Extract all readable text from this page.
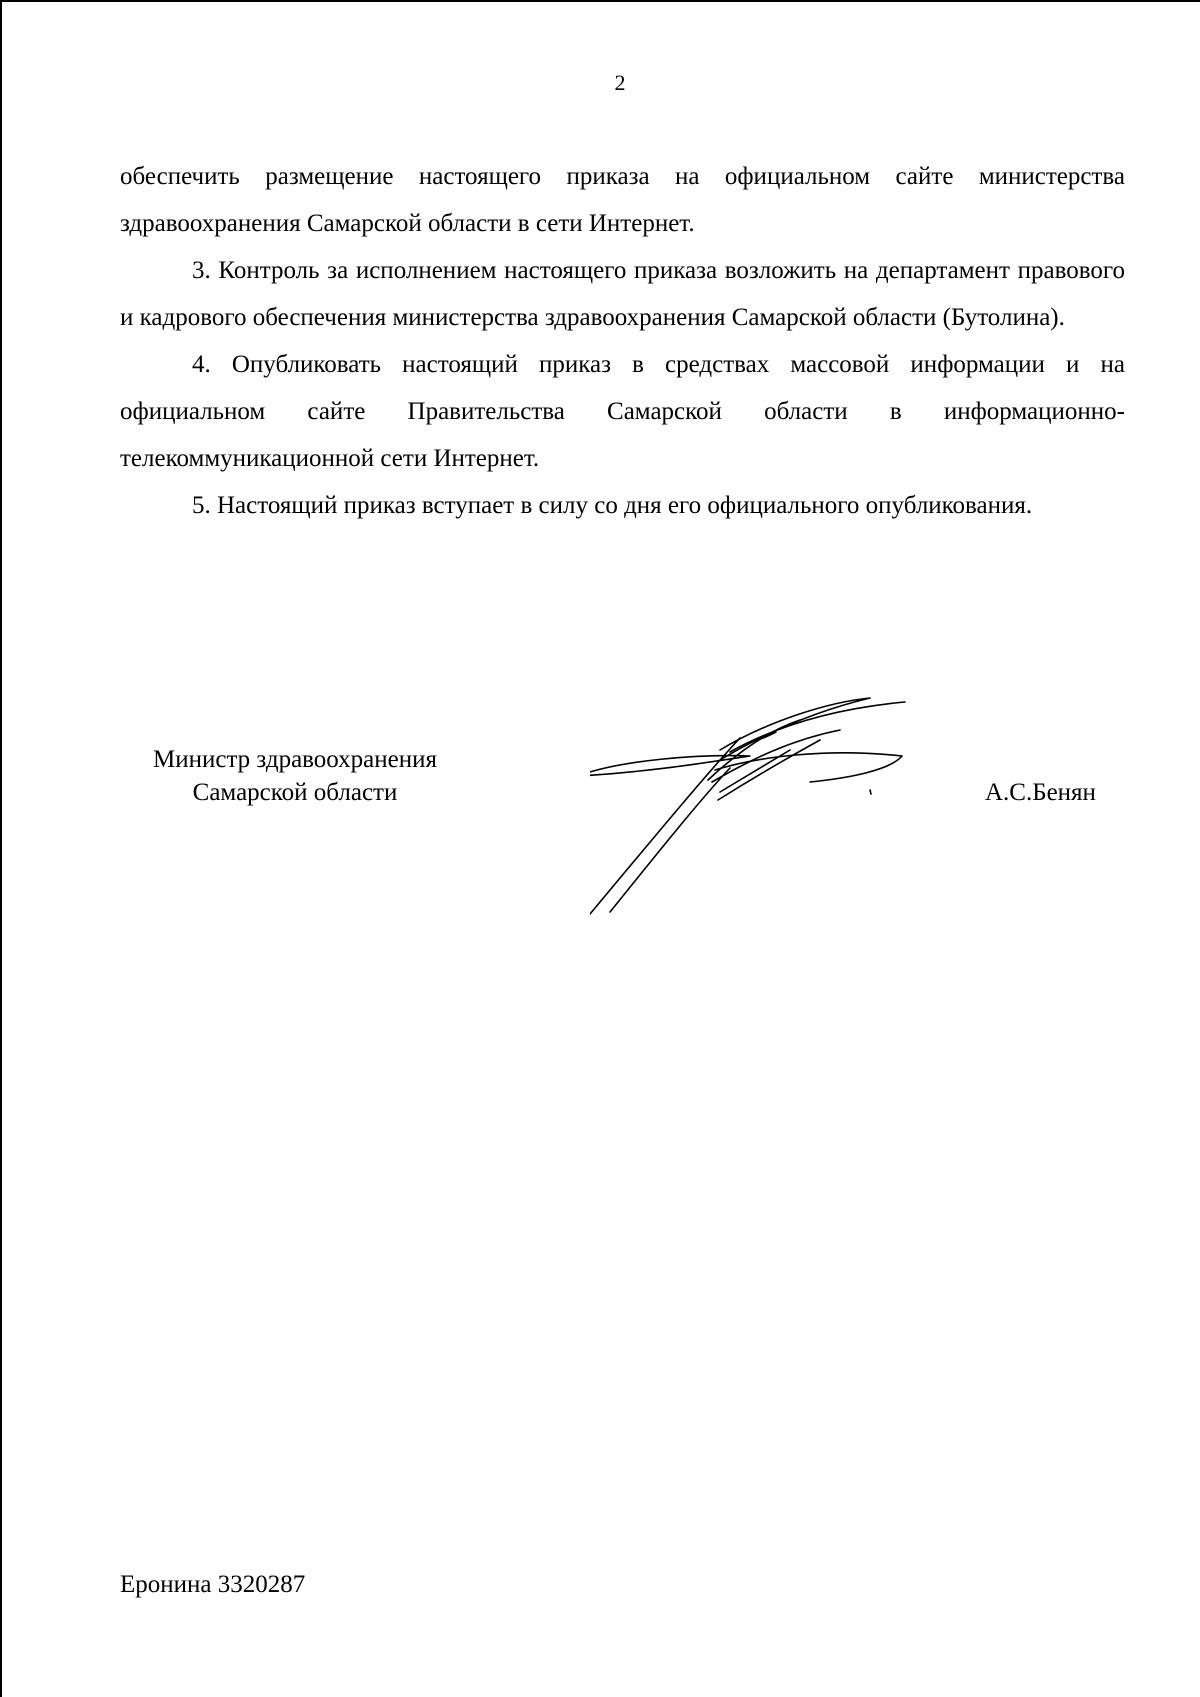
2

обеспечить размещение настоящего приказа на официальном сайте министерства здравоохранения Самарской области в сети Интернет.

3. Контроль за исполнением настоящего приказа возложить на департамент правового и кадрового обеспечения министерства здравоохранения Самарской области (Бутолина).

4. Опубликовать настоящий приказ в средствах массовой информации и на официальном сайте Правительства Самарской области в информационно-телекоммуникационной сети Интернет.

5. Настоящий приказ вступает в силу со дня его официального опубликования.

Министр здравоохранения
Самарской области	А.С.Бенян
Еронина 3320287
